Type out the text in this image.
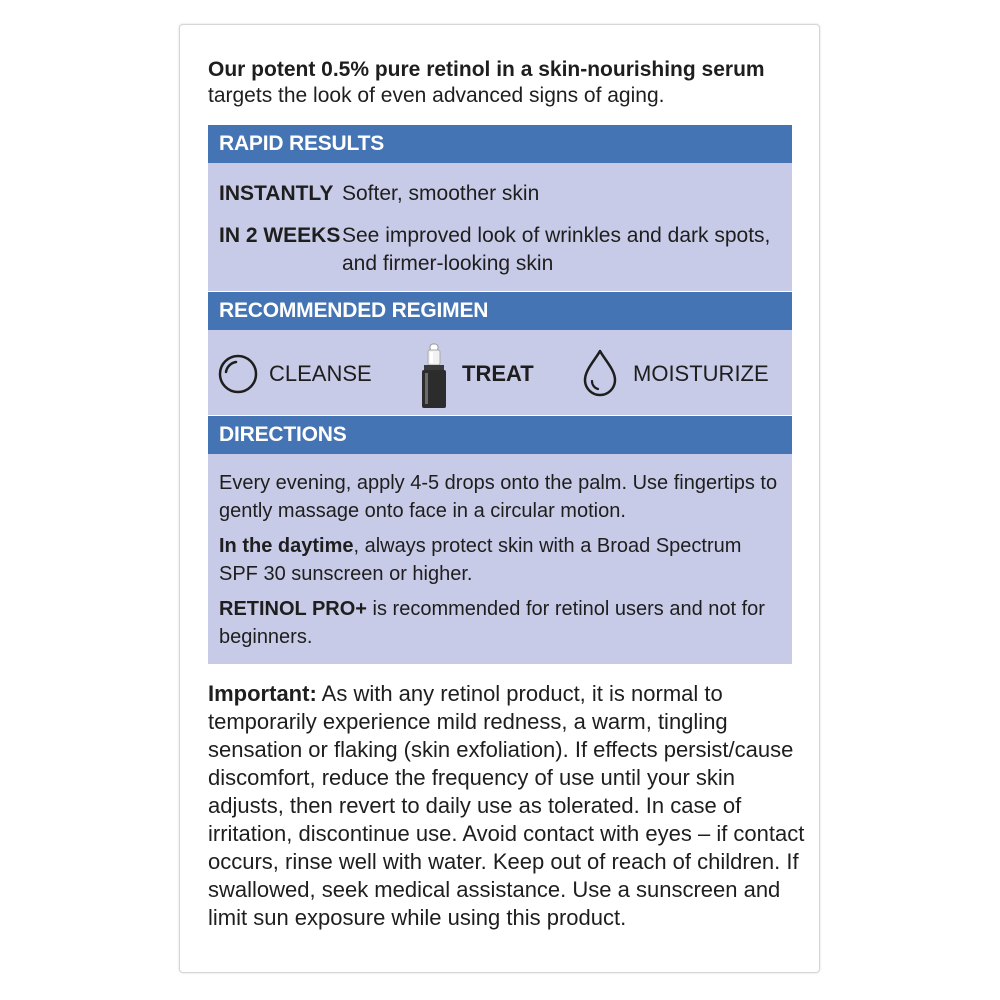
Our potent 0.5% pure retinol in a skin-nourishing serum
targets the look of even advanced signs of aging.
RAPID RESULTS
INSTANTLY Softer, smoother skin
IN 2 WEEKS See improved look of wrinkles and dark spots, and firmer-looking skin
RECOMMENDED REGIMEN
CLEANSE	TREAT	MOISTURIZE
DIRECTIONS
Every evening, apply 4-5 drops onto the palm. Use fingertips to gently massage onto face in a circular motion.
In the daytime, always protect skin with a Broad Spectrum SPF 30 sunscreen or higher.
RETINOL PRO+ is recommended for retinol users and not for beginners.
Important: As with any retinol product, it is normal to temporarily experience mild redness, a warm, tingling sensation or flaking (skin exfoliation). If effects persist/cause discomfort, reduce the frequency of use until your skin adjusts, then revert to daily use as tolerated. In case of irritation, discontinue use. Avoid contact with eyes – if contact occurs, rinse well with water. Keep out of reach of children. If swallowed, seek medical assistance. Use a sunscreen and limit sun exposure while using this product.
